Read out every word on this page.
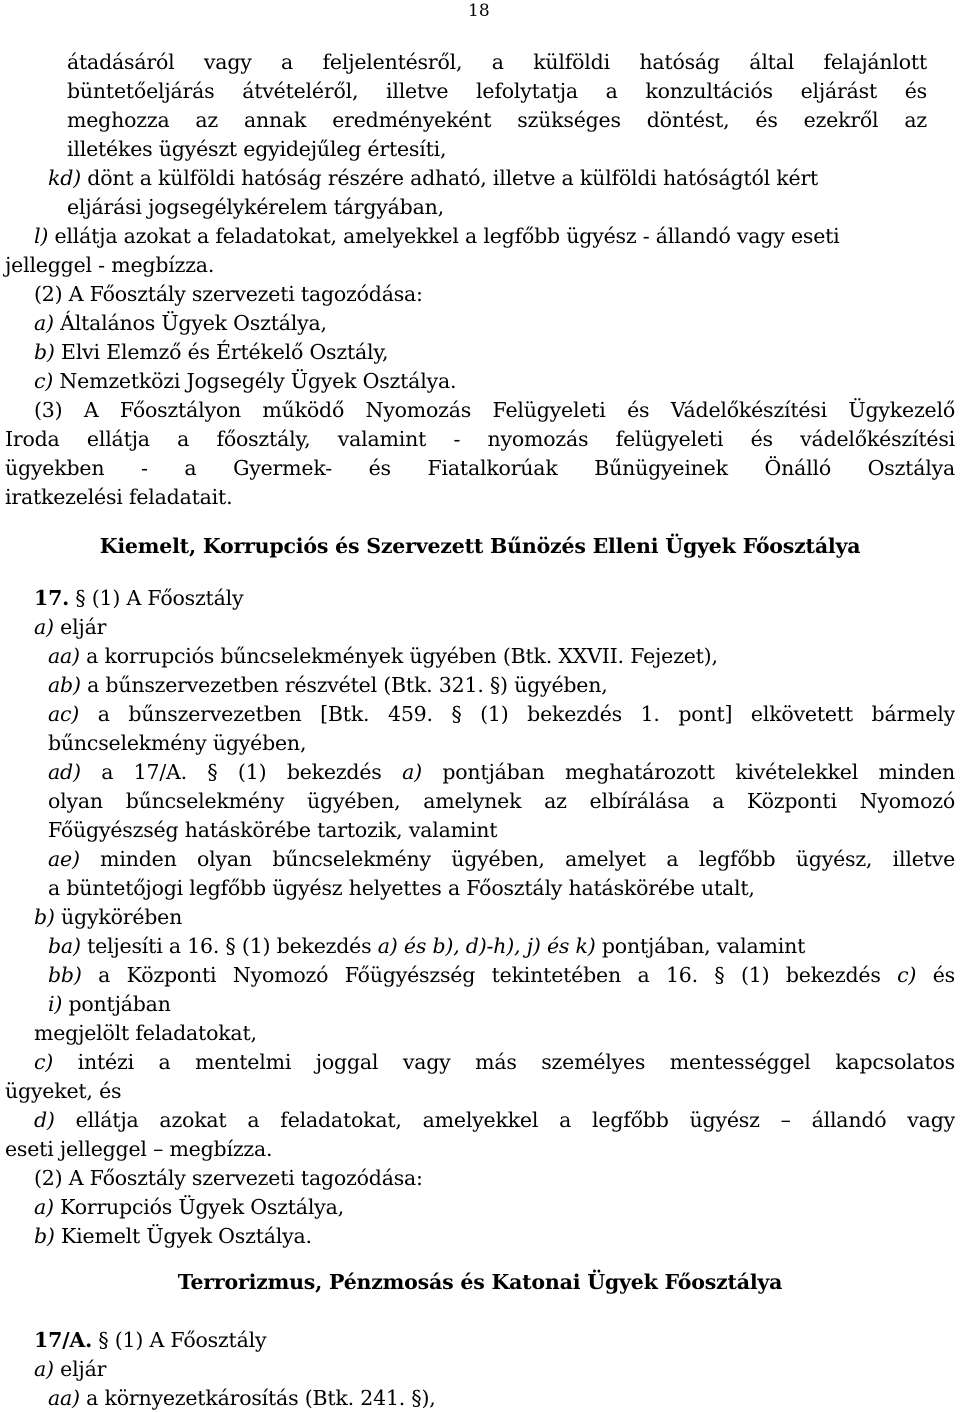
18
átadásáról vagy a feljelentésről, a külföldi hatóság által felajánlott
büntetőeljárás átvételéről, illetve lefolytatja a konzultációs eljárást és
meghozza az annak eredményeként szükséges döntést, és ezekről az
illetékes ügyészt egyidejűleg értesíti,
kd) dönt a külföldi hatóság részére adható, illetve a külföldi hatóságtól kért
eljárási jogsegélykérelem tárgyában,
l) ellátja azokat a feladatokat, amelyekkel a legfőbb ügyész - állandó vagy eseti
jelleggel - megbízza.
(2) A Főosztály szervezeti tagozódása:
a) Általános Ügyek Osztálya,
b) Elvi Elemző és Értékelő Osztály,
c) Nemzetközi Jogsegély Ügyek Osztálya.
(3) A Főosztályon működő Nyomozás Felügyeleti és Vádelőkészítési Ügykezelő
Iroda ellátja a főosztály, valamint - nyomozás felügyeleti és vádelőkészítési
ügyekben - a Gyermek- és Fiatalkorúak Bűnügyeinek Önálló Osztálya
iratkezelési feladatait.
Kiemelt, Korrupciós és Szervezett Bűnözés Elleni Ügyek Főosztálya
17. § (1) A Főosztály
a) eljár
aa) a korrupciós bűncselekmények ügyében (Btk. XXVII. Fejezet),
ab) a bűnszervezetben részvétel (Btk. 321. §) ügyében,
ac) a bűnszervezetben [Btk. 459. § (1) bekezdés 1. pont] elkövetett bármely
bűncselekmény ügyében,
ad) a 17/A. § (1) bekezdés a) pontjában meghatározott kivételekkel minden
olyan bűncselekmény ügyében, amelynek az elbírálása a Központi Nyomozó
Főügyészség hatáskörébe tartozik, valamint
ae) minden olyan bűncselekmény ügyében, amelyet a legfőbb ügyész, illetve
a büntetőjogi legfőbb ügyész helyettes a Főosztály hatáskörébe utalt,
b) ügykörében
ba) teljesíti a 16. § (1) bekezdés a) és b), d)-h), j) és k) pontjában, valamint
bb) a Központi Nyomozó Főügyészség tekintetében a 16. § (1) bekezdés c) és
i) pontjában
megjelölt feladatokat,
c) intézi a mentelmi joggal vagy más személyes mentességgel kapcsolatos
ügyeket, és
d) ellátja azokat a feladatokat, amelyekkel a legfőbb ügyész – állandó vagy
eseti jelleggel – megbízza.
(2) A Főosztály szervezeti tagozódása:
a) Korrupciós Ügyek Osztálya,
b) Kiemelt Ügyek Osztálya.
Terrorizmus, Pénzmosás és Katonai Ügyek Főosztálya
17/A. § (1) A Főosztály
a) eljár
aa) a környezetkárosítás (Btk. 241. §),
